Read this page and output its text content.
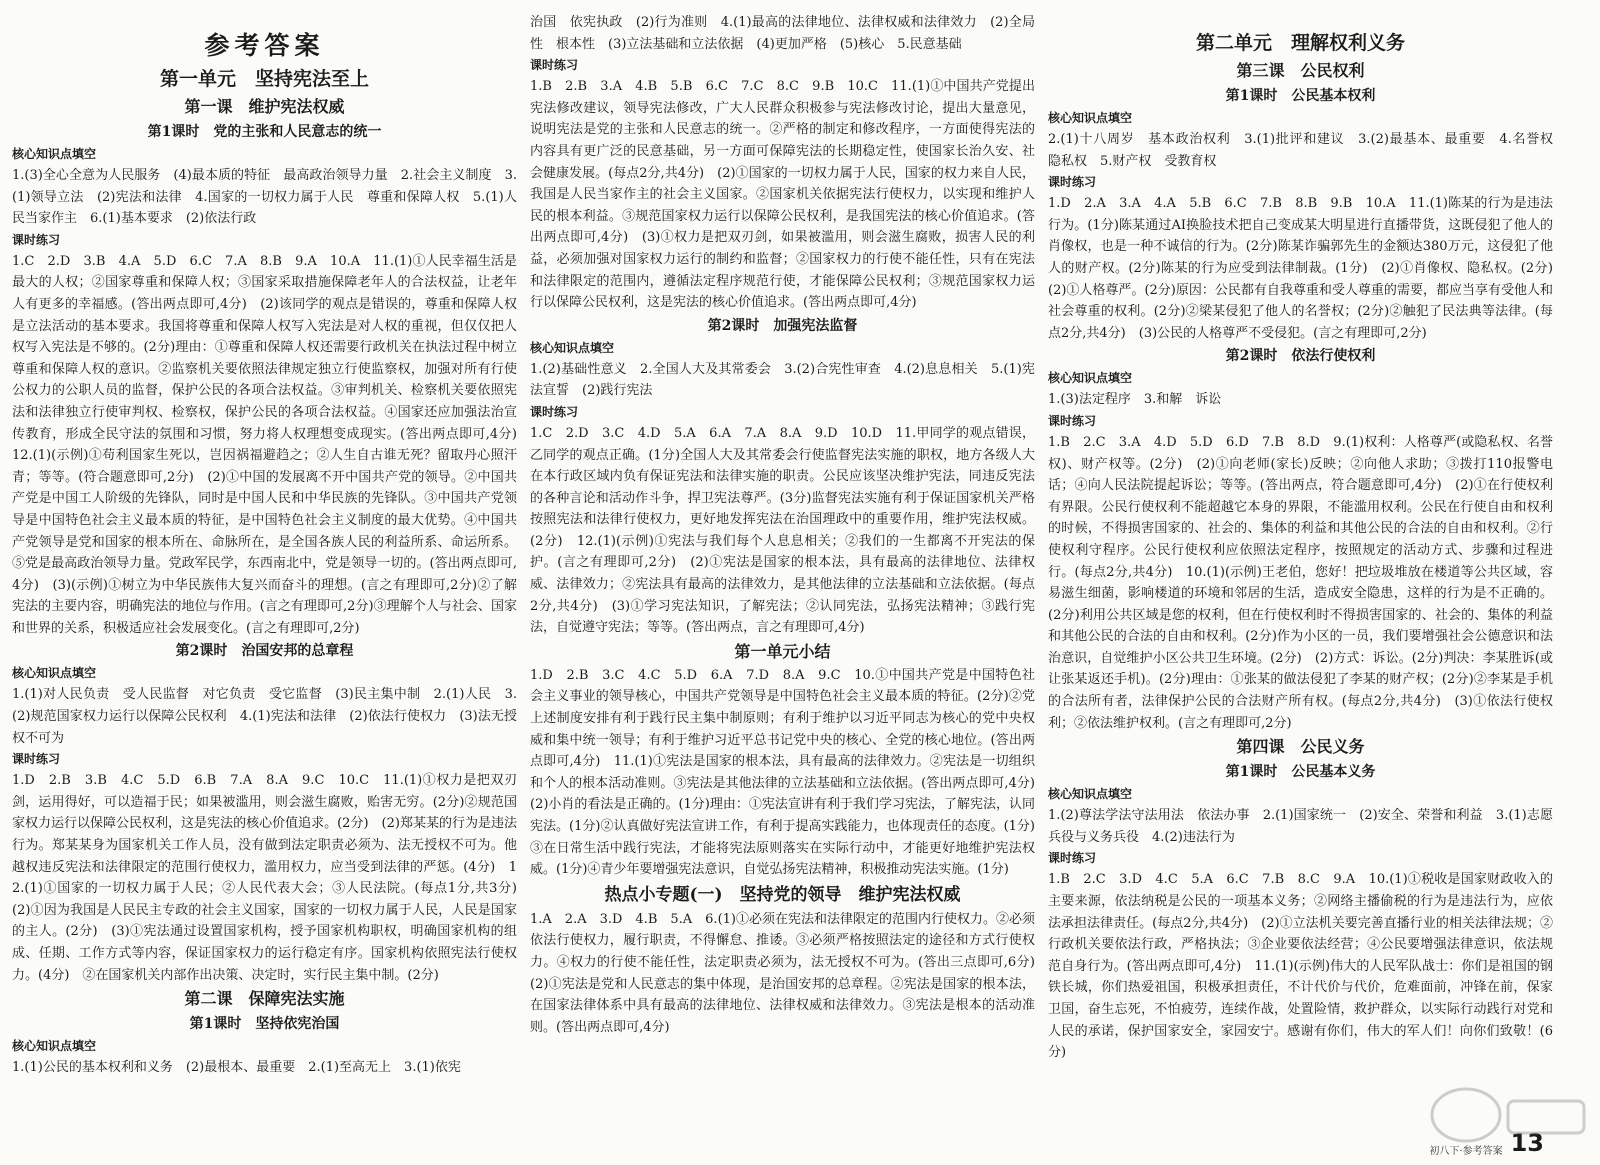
参考答案
第一单元　坚持宪法至上
第一课　维护宪法权威
第1课时　党的主张和人民意志的统一
核心知识点填空
1.(3)全心全意为人民服务　(4)最本质的特征　最高政治领导力量　2.社会主义制度　3.(1)领导立法　(2)宪法和法律　4.国家的一切权力属于人民　尊重和保障人权　5.(1)人民当家作主　6.(1)基本要求　(2)依法行政
课时练习
1.C　2.D　3.B　4.A　5.D　6.C　7.A　8.B　9.A　10.A　11.(1)①人民幸福生活是最大的人权；②国家尊重和保障人权；③国家采取措施保障老年人的合法权益，让老年人有更多的幸福感。(答出两点即可,4分)　(2)该同学的观点是错误的，尊重和保障人权是立法活动的基本要求。我国将尊重和保障人权写入宪法是对人权的重视，但仅仅把人权写入宪法是不够的。(2分)理由：①尊重和保障人权还需要行政机关在执法过程中树立尊重和保障人权的意识。②监察机关要依照法律规定独立行使监察权，加强对所有行使公权力的公职人员的监督，保护公民的各项合法权益。③审判机关、检察机关要依照宪法和法律独立行使审判权、检察权，保护公民的各项合法权益。④国家还应加强法治宣传教育，形成全民守法的氛围和习惯，努力将人权理想变成现实。(答出两点即可,4分)　12.(1)(示例)①苟利国家生死以，岂因祸福避趋之；②人生自古谁无死？留取丹心照汗青；等等。(符合题意即可,2分)　(2)①中国的发展离不开中国共产党的领导。②中国共产党是中国工人阶级的先锋队，同时是中国人民和中华民族的先锋队。③中国共产党领导是中国特色社会主义最本质的特征，是中国特色社会主义制度的最大优势。④中国共产党领导是党和国家的根本所在、命脉所在，是全国各族人民的利益所系、命运所系。⑤党是最高政治领导力量。党政军民学，东西南北中，党是领导一切的。(答出两点即可,4分)　(3)(示例)①树立为中华民族伟大复兴而奋斗的理想。(言之有理即可,2分)②了解宪法的主要内容，明确宪法的地位与作用。(言之有理即可,2分)③理解个人与社会、国家和世界的关系，积极适应社会发展变化。(言之有理即可,2分)
第2课时　治国安邦的总章程
核心知识点填空
1.(1)对人民负责　受人民监督　对它负责　受它监督　(3)民主集中制　2.(1)人民　3.(2)规范国家权力运行以保障公民权利　4.(1)宪法和法律　(2)依法行使权力　(3)法无授权不可为
课时练习
1.D　2.B　3.B　4.C　5.D　6.B　7.A　8.A　9.C　10.C　11.(1)①权力是把双刃剑，运用得好，可以造福于民；如果被滥用，则会滋生腐败，贻害无穷。(2分)②规范国家权力运行以保障公民权利，这是宪法的核心价值追求。(2分)　(2)郑某某的行为是违法行为。郑某某身为国家机关工作人员，没有做到法定职责必须为、法无授权不可为。他越权违反宪法和法律限定的范围行使权力，滥用权力，应当受到法律的严惩。(4分)　12.(1)①国家的一切权力属于人民；②人民代表大会；③人民法院。(每点1分,共3分)　(2)①因为我国是人民民主专政的社会主义国家，国家的一切权力属于人民，人民是国家的主人。(2分)　(3)①宪法通过设置国家机构，授予国家机构职权，明确国家机构的组成、任期、工作方式等内容，保证国家权力的运行稳定有序。国家机构依照宪法行使权力。(4分)　②在国家机关内部作出决策、决定时，实行民主集中制。(2分)
第二课　保障宪法实施
第1课时　坚持依宪治国
核心知识点填空
1.(1)公民的基本权利和义务　(2)最根本、最重要　2.(1)至高无上　3.(1)依宪
治国　依宪执政　(2)行为准则　4.(1)最高的法律地位、法律权威和法律效力　(2)全局性　根本性　(3)立法基础和立法依据　(4)更加严格　(5)核心　5.民意基础
课时练习
1.B　2.B　3.A　4.B　5.B　6.C　7.C　8.C　9.B　10.C　11.(1)①中国共产党提出宪法修改建议，领导宪法修改，广大人民群众积极参与宪法修改讨论，提出大量意见，说明宪法是党的主张和人民意志的统一。②严格的制定和修改程序，一方面使得宪法的内容具有更广泛的民意基础，另一方面可保障宪法的长期稳定性，使国家长治久安、社会健康发展。(每点2分,共4分)　(2)①国家的一切权力属于人民，国家的权力来自人民，我国是人民当家作主的社会主义国家。②国家机关依据宪法行使权力，以实现和维护人民的根本利益。③规范国家权力运行以保障公民权利，是我国宪法的核心价值追求。(答出两点即可,4分)　(3)①权力是把双刃剑，如果被滥用，则会滋生腐败，损害人民的利益，必须加强对国家权力运行的制约和监督；②国家权力的行使不能任性，只有在宪法和法律限定的范围内，遵循法定程序规范行使，才能保障公民权利；③规范国家权力运行以保障公民权利，这是宪法的核心价值追求。(答出两点即可,4分)
第2课时　加强宪法监督
核心知识点填空
1.(2)基础性意义　2.全国人大及其常委会　3.(2)合宪性审查　4.(2)息息相关　5.(1)宪法宣誓　(2)践行宪法
课时练习
1.C　2.D　3.C　4.D　5.A　6.A　7.A　8.A　9.D　10.D　11.甲同学的观点错误，乙同学的观点正确。(1分)全国人大及其常委会行使监督宪法实施的职权，地方各级人大在本行政区域内负有保证宪法和法律实施的职责。公民应该坚决维护宪法，同违反宪法的各种言论和活动作斗争，捍卫宪法尊严。(3分)监督宪法实施有利于保证国家机关严格按照宪法和法律行使权力，更好地发挥宪法在治国理政中的重要作用，维护宪法权威。(2分)　12.(1)(示例)①宪法与我们每个人息息相关；②我们的一生都离不开宪法的保护。(言之有理即可,2分)　(2)①宪法是国家的根本法，具有最高的法律地位、法律权威、法律效力；②宪法具有最高的法律效力，是其他法律的立法基础和立法依据。(每点2分,共4分)　(3)①学习宪法知识，了解宪法；②认同宪法，弘扬宪法精神；③践行宪法，自觉遵守宪法；等等。(答出两点，言之有理即可,4分)
第一单元小结
1.D　2.B　3.C　4.C　5.D　6.A　7.D　8.A　9.C　10.①中国共产党是中国特色社会主义事业的领导核心，中国共产党领导是中国特色社会主义最本质的特征。(2分)②党上述制度安排有利于践行民主集中制原则；有利于维护以习近平同志为核心的党中央权威和集中统一领导；有利于维护习近平总书记党中央的核心、全党的核心地位。(答出两点即可,4分)　11.(1)①宪法是国家的根本法，具有最高的法律效力。②宪法是一切组织和个人的根本活动准则。③宪法是其他法律的立法基础和立法依据。(答出两点即可,4分)　(2)小肖的看法是正确的。(1分)理由：①宪法宣讲有利于我们学习宪法，了解宪法，认同宪法。(1分)②认真做好宪法宣讲工作，有利于提高实践能力，也体现责任的态度。(1分)③在日常生活中践行宪法，才能将宪法原则落实在实际行动中，才能更好地维护宪法权威。(1分)④青少年要增强宪法意识，自觉弘扬宪法精神，积极推动宪法实施。(1分)
热点小专题(一)　坚持党的领导　维护宪法权威
1.A　2.A　3.D　4.B　5.A　6.(1)①必须在宪法和法律限定的范围内行使权力。②必须依法行使权力，履行职责，不得懈怠、推诿。③必须严格按照法定的途径和方式行使权力。④权力的行使不能任性，法定职责必须为，法无授权不可为。(答出三点即可,6分)　(2)①宪法是党和人民意志的集中体现，是治国安邦的总章程。②宪法是国家的根本法，在国家法律体系中具有最高的法律地位、法律权威和法律效力。③宪法是根本的活动准则。(答出两点即可,4分)
第二单元　理解权利义务
第三课　公民权利
第1课时　公民基本权利
核心知识点填空
2.(1)十八周岁　基本政治权利　3.(1)批评和建议　3.(2)最基本、最重要　4.名誉权　隐私权　5.财产权　受教育权
课时练习
1.D　2.A　3.A　4.A　5.B　6.C　7.B　8.B　9.B　10.A　11.(1)陈某的行为是违法行为。(1分)陈某通过AI换脸技术把自己变成某大明星进行直播带货，这既侵犯了他人的肖像权，也是一种不诚信的行为。(2分)陈某诈骗郭先生的金额达380万元，这侵犯了他人的财产权。(2分)陈某的行为应受到法律制裁。(1分)　(2)①肖像权、隐私权。(2分)　(2)①人格尊严。(2分)原因：公民都有自我尊重和受人尊重的需要，都应当享有受他人和社会尊重的权利。(2分)②梁某侵犯了他人的名誉权；(2分)②触犯了民法典等法律。(每点2分,共4分)　(3)公民的人格尊严不受侵犯。(言之有理即可,2分)
第2课时　依法行使权利
核心知识点填空
1.(3)法定程序　3.和解　诉讼
课时练习
1.B　2.C　3.A　4.D　5.D　6.D　7.B　8.D　9.(1)权利：人格尊严(或隐私权、名誉权)、财产权等。(2分)　(2)①向老师(家长)反映；②向他人求助；③拨打110报警电话；④向人民法院提起诉讼；等等。(答出两点，符合题意即可,4分)　(2)①在行使权利有界限。公民行使权利不能超越它本身的界限，不能滥用权利。公民在行使自由和权利的时候，不得损害国家的、社会的、集体的利益和其他公民的合法的自由和权利。②行使权利守程序。公民行使权利应依照法定程序，按照规定的活动方式、步骤和过程进行。(每点2分,共4分)　10.(1)(示例)王老伯，您好！把垃圾堆放在楼道等公共区域，容易滋生细菌，影响楼道的环境和邻居的生活，造成安全隐患，这样的行为是不正确的。(2分)利用公共区域是您的权利，但在行使权利时不得损害国家的、社会的、集体的利益和其他公民的合法的自由和权利。(2分)作为小区的一员，我们要增强社会公德意识和法治意识，自觉维护小区公共卫生环境。(2分)　(2)方式：诉讼。(2分)判决：李某胜诉(或让张某返还手机)。(2分)理由：①张某的做法侵犯了李某的财产权；(2分)②李某是手机的合法所有者，法律保护公民的合法财产所有权。(每点2分,共4分)　(3)①依法行使权利；②依法维护权利。(言之有理即可,2分)
第四课　公民义务
第1课时　公民基本义务
核心知识点填空
1.(2)尊法学法守法用法　依法办事　2.(1)国家统一　(2)安全、荣誉和利益　3.(1)志愿兵役与义务兵役　4.(2)违法行为
课时练习
1.B　2.C　3.D　4.C　5.A　6.C　7.B　8.C　9.A　10.(1)①税收是国家财政收入的主要来源，依法纳税是公民的一项基本义务；②网络主播偷税的行为是违法行为，应依法承担法律责任。(每点2分,共4分)　(2)①立法机关要完善直播行业的相关法律法规；②行政机关要依法行政，严格执法；③企业要依法经营；④公民要增强法律意识，依法规范自身行为。(答出两点即可,4分)　11.(1)(示例)伟大的人民军队战士：你们是祖国的钢铁长城，你们热爱祖国，积极承担责任，不计代价与代价，危难面前，冲锋在前，保家卫国，奋生忘死，不怕疲劳，连续作战，处置险情，救护群众，以实际行动践行对党和人民的承诺，保护国家安全，家园安宁。感谢有你们，伟大的军人们！向你们致敬！(6分)
初八下·参考答案 13
